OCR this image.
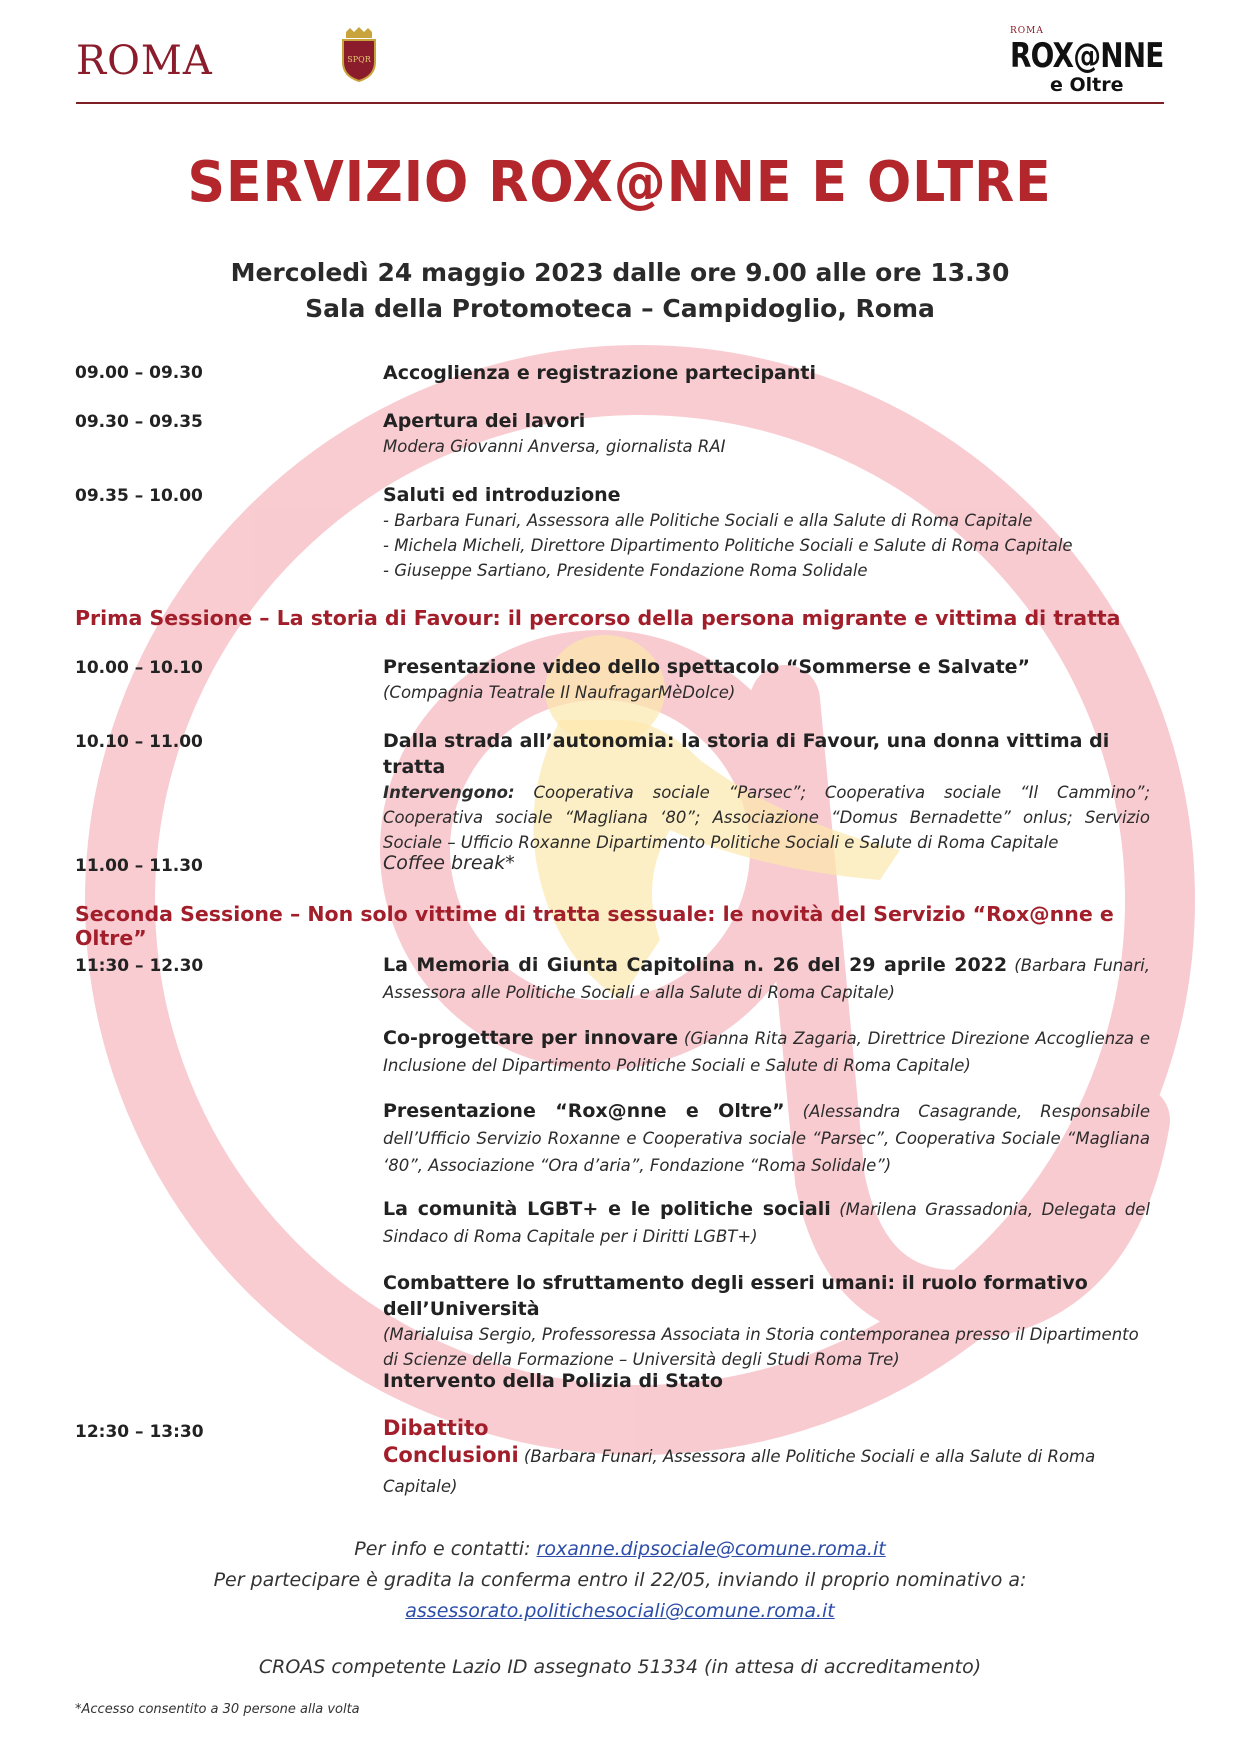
ROMA	SPQR
ROMA
ROX@NNE
e Oltre
SERVIZIO ROX@NNE E OLTRE
Mercoledì 24 maggio 2023 dalle ore 9.00 alle ore 13.30
Sala della Protomoteca – Campidoglio, Roma
09.00 – 09.30	Accoglienza e registrazione partecipanti
09.30 – 09.35	Apertura dei lavori
Modera Giovanni Anversa, giornalista RAI
09.35 – 10.00	Saluti ed introduzione
- Barbara Funari, Assessora alle Politiche Sociali e alla Salute di Roma Capitale
- Michela Micheli, Direttore Dipartimento Politiche Sociali e Salute di Roma Capitale
- Giuseppe Sartiano, Presidente Fondazione Roma Solidale
Prima Sessione – La storia di Favour: il percorso della persona migrante e vittima di tratta
10.00 – 10.10	Presentazione video dello spettacolo “Sommerse e Salvate”
(Compagnia Teatrale Il NaufragarMèDolce)
10.10 – 11.00	Dalla strada all’autonomia: la storia di Favour, una donna vittima di tratta
Intervengono: Cooperativa sociale “Parsec”; Cooperativa sociale “Il Cammino”; Cooperativa sociale “Magliana ‘80”; Associazione “Domus Bernadette” onlus; Servizio Sociale – Ufficio Roxanne Dipartimento Politiche Sociali e Salute di Roma Capitale
11.00 – 11.30	Coffee break*
Seconda Sessione – Non solo vittime di tratta sessuale: le novità del Servizio “Rox@nne e Oltre”
11:30 – 12.30	La Memoria di Giunta Capitolina n. 26 del 29 aprile 2022 (Barbara Funari, Assessora alle Politiche Sociali e alla Salute di Roma Capitale)
Co-progettare per innovare (Gianna Rita Zagaria, Direttrice Direzione Accoglienza e Inclusione del Dipartimento Politiche Sociali e Salute di Roma Capitale)
Presentazione “Rox@nne e Oltre” (Alessandra Casagrande, Responsabile dell’Ufficio Servizio Roxanne e Cooperativa sociale “Parsec”, Cooperativa Sociale “Magliana ‘80”, Associazione “Ora d’aria”, Fondazione “Roma Solidale”)
La comunità LGBT+ e le politiche sociali (Marilena Grassadonia, Delegata del Sindaco di Roma Capitale per i Diritti LGBT+)
Combattere lo sfruttamento degli esseri umani: il ruolo formativo dell’Università
(Marialuisa Sergio, Professoressa Associata in Storia contemporanea presso il Dipartimento di Scienze della Formazione – Università degli Studi Roma Tre)
Intervento della Polizia di Stato
12:30 – 13:30	Dibattito
Conclusioni (Barbara Funari, Assessora alle Politiche Sociali e alla Salute di Roma Capitale)
Per info e contatti: roxanne.dipsociale@comune.roma.it
Per partecipare è gradita la conferma entro il 22/05, inviando il proprio nominativo a:
assessorato.politichesociali@comune.roma.it
CROAS competente Lazio ID assegnato 51334 (in attesa di accreditamento)
*Accesso consentito a 30 persone alla volta
